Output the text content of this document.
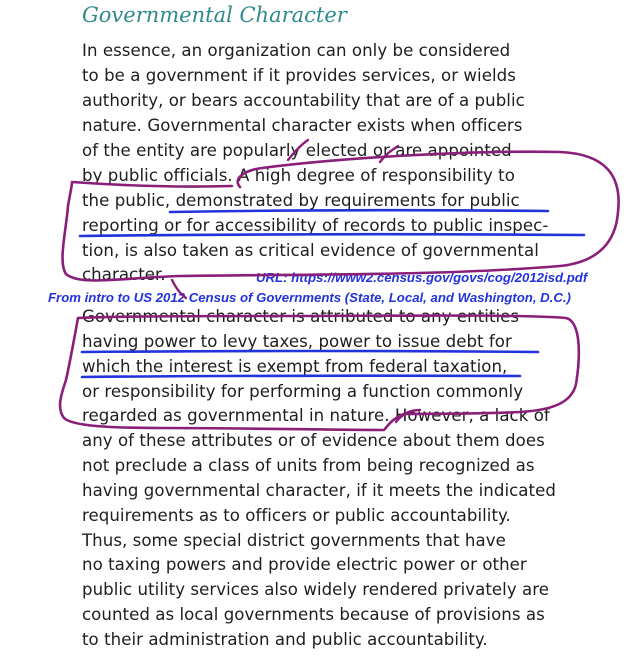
Governmental Character
In essence, an organization can only be considered
to be a government if it provides services, or wields
authority, or bears accountability that are of a public
nature. Governmental character exists when officers
of the entity are popularly elected or are appointed
by public officials. A high degree of responsibility to
the public, demonstrated by requirements for public
reporting or for accessibility of records to public inspec-
tion, is also taken as critical evidence of governmental
character.	URL: https://www2.census.gov/govs/cog/2012isd.pdf
From intro to US 2012 Census of Governments (State, Local, and Washington, D.C.)
Governmental character is attributed to any entities
having power to levy taxes, power to issue debt for
which the interest is exempt from federal taxation,
or responsibility for performing a function commonly
regarded as governmental in nature. However, a lack of
any of these attributes or of evidence about them does
not preclude a class of units from being recognized as
having governmental character, if it meets the indicated
requirements as to officers or public accountability.
Thus, some special district governments that have
no taxing powers and provide electric power or other
public utility services also widely rendered privately are
counted as local governments because of provisions as
to their administration and public accountability.
